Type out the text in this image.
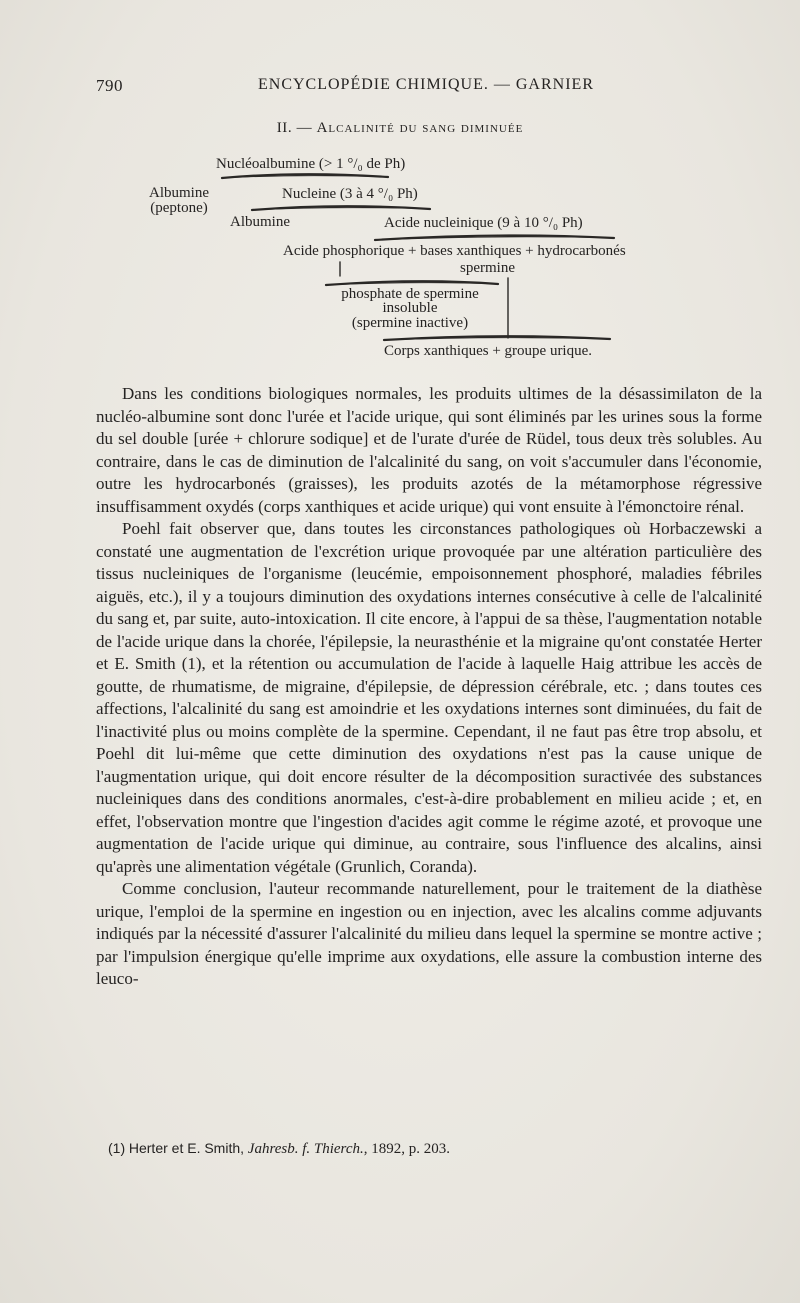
790	ENCYCLOPÉDIE CHIMIQUE. — GARNIER
II. — Alcalinité du sang diminuée
Nucléoalbumine (> 1 °/₀ de Ph)
Albumine
(peptone)
Nucleine (3 à 4 °/₀ Ph)
Albumine	Acide nucleinique (9 à 10 °/₀ Ph)
Acide phosphorique + bases xanthiques + hydrocarbonés
spermine
phosphate de spermine
insoluble
(spermine inactive)
Corps xanthiques + groupe urique.

Dans les conditions biologiques normales, les produits ultimes de la désassimilaton de la nucléo-albumine sont donc l'urée et l'acide urique, qui sont éliminés par les urines sous la forme du sel double [urée + chlorure sodique] et de l'urate d'urée de Rüdel, tous deux très solubles. Au contraire, dans le cas de diminution de l'alcalinité du sang, on voit s'accumuler dans l'économie, outre les hydrocarbonés (graisses), les produits azotés de la métamorphose régressive insuffisamment oxydés (corps xanthiques et acide urique) qui vont ensuite à l'émonctoire rénal.

Poehl fait observer que, dans toutes les circonstances pathologiques où Horbaczewski a constaté une augmentation de l'excrétion urique provoquée par une altération particulière des tissus nucleiniques de l'organisme (leucémie, empoisonnement phosphoré, maladies fébriles aiguës, etc.), il y a toujours diminution des oxydations internes consécutive à celle de l'alcalinité du sang et, par suite, auto-intoxication. Il cite encore, à l'appui de sa thèse, l'augmentation notable de l'acide urique dans la chorée, l'épilepsie, la neurasthénie et la migraine qu'ont constatée Herter et E. Smith (1), et la rétention ou accumulation de l'acide à laquelle Haig attribue les accès de goutte, de rhumatisme, de migraine, d'épilepsie, de dépression cérébrale, etc. ; dans toutes ces affections, l'alcalinité du sang est amoindrie et les oxydations internes sont diminuées, du fait de l'inactivité plus ou moins complète de la spermine. Cependant, il ne faut pas être trop absolu, et Poehl dit lui-même que cette diminution des oxydations n'est pas la cause unique de l'augmentation urique, qui doit encore résulter de la décomposition suractivée des substances nucleiniques dans des conditions anormales, c'est-à-dire probablement en milieu acide ; et, en effet, l'observation montre que l'ingestion d'acides agit comme le régime azoté, et provoque une augmentation de l'acide urique qui diminue, au contraire, sous l'influence des alcalins, ainsi qu'après une alimentation végétale (Grunlich, Coranda).

Comme conclusion, l'auteur recommande naturellement, pour le traitement de la diathèse urique, l'emploi de la spermine en ingestion ou en injection, avec les alcalins comme adjuvants indiqués par la nécessité d'assurer l'alcalinité du milieu dans lequel la spermine se montre active ; par l'impulsion énergique qu'elle imprime aux oxydations, elle assure la combustion interne des leuco-

(1) Herter et E. Smith, Jahresb. f. Thierch., 1892, p. 203.
